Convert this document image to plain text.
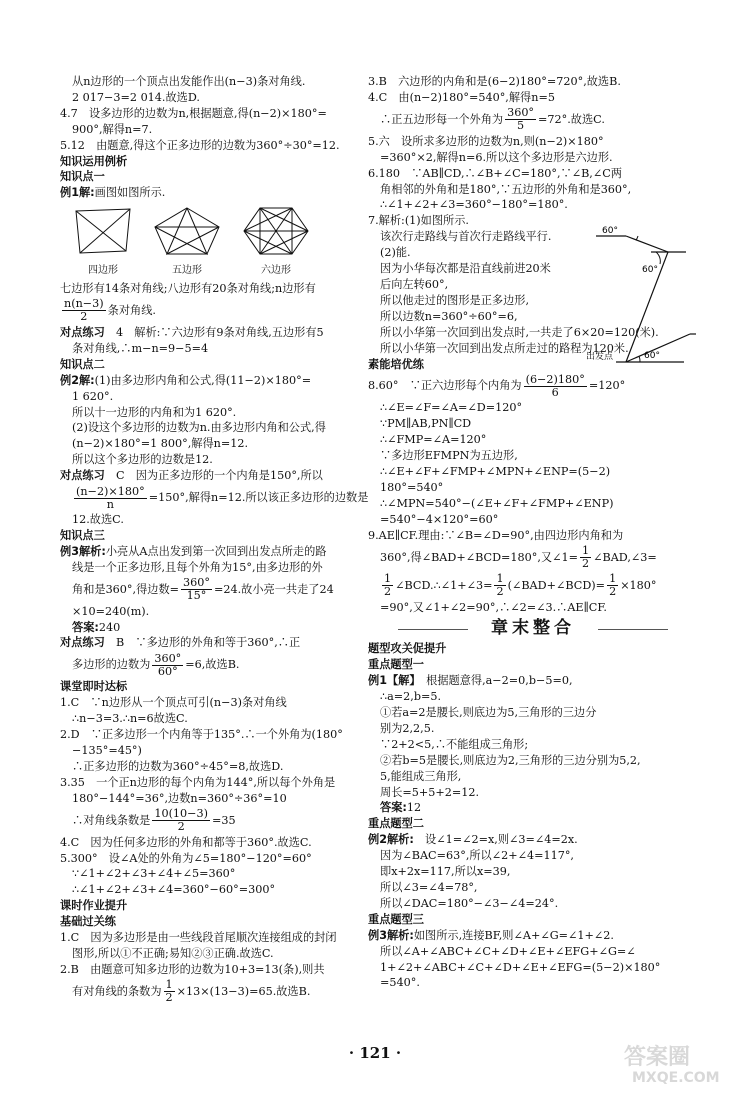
从n边形的一个顶点出发能作出(n−3)条对角线.
2 017−3=2 014.故选D.
4.7　设多边形的边数为n,根据题意,得(n−2)×180°=
900°,解得n=7.
5.12　由题意,得这个正多边形的边数为360°÷30°=12.
知识运用例析
知识点一
例1解:画图如图所示.
四边形	五边形	六边形
七边形有14条对角线;八边形有20条对角线;n边形有
$\frac{n(n-3)}{2}$ 条对角线.
对点练习　 4　解析:∵六边形有9条对角线,五边形有5
条对角线,∴m−n=9−5=4
知识点二
例2解:(1)由多边形内角和公式,得(11−2)×180°=
1 620°.
所以十一边形的内角和为1 620°.
(2)设这个多边形的边数为n.由多边形内角和公式,得
(n−2)×180°=1 800°,解得n=12.
所以这个多边形的边数是12.
对点练习　 C　因为正多边形的一个内角是150°,所以
$\frac{(n-2)\times 180^\circ}{n} =150^\circ$,解得n=12.所以该正多边形的边数是
12.故选C.
知识点三
例3解析:小亮从A点出发到第一次回到出发点所走的路
线是一个正多边形,且每个外角为15°,由多边形的外
角和是360°,得边数= $\frac{360^\circ}{15^\circ} =24$.故小亮一共走了24
×10=240(m).
答案:240
对点练习　 B　∵多边形的外角和等于360°,∴正
多边形的边数为 $\frac{360^\circ}{60^\circ} =6$,故选B.
课堂即时达标
1.C　∵n边形从一个顶点可引(n−3)条对角线
∴n−3=3.∴n=6故选C.
2.D　∵正多边形一个内角等于135°.∴一个外角为(180°
−135°=45°)
∴正多边形的边数为360°÷45°=8,故选D.
3.35　一个正n边形的每个内角为144°,所以每个外角是
180°−144°=36°,边数n=360°÷36°=10
∴对角线条数是 $\frac{10(10-3)}{2} =35$
4.C　因为任何多边形的外角和都等于360°.故选C.
5.300°　设∠A处的外角为∠5=180°−120°=60°
∵∠1+∠2+∠3+∠4+∠5=360°
∴∠1+∠2+∠3+∠4=360°−60°=300°
课时作业提升
基础过关练
1.C　因为多边形是由一些线段首尾顺次连接组成的封闭
图形,所以①不正确;易知②③正确.故选C.
2.B　由题意可知多边形的边数为10+3=13(条),则共
有对角线的条数为 $\frac{1}{2} \times 13\times(13-3)=65$.故选B.
3.B　六边形的内角和是(6−2)180°=720°,故选B.
4.C　由(n−2)180°=540°,解得n=5
∴正五边形每一个外角为 $\frac{360^\circ}{5} =72^\circ$.故选C.
5.六　设所求多边形的边数为n,则(n−2)×180°
=360°×2,解得n=6.所以这个多边形是六边形.
6.180　∵AB∥CD,∴∠B+∠C=180°,∵∠B,∠C两
角相邻的外角和是180°,∵五边形的外角和是360°,
∴∠1+∠2+∠3=360°−180°=180°.
7.解析:(1)如图所示.
该次行走路线与首次行走路线平行.
(2)能.
因为小华每次都是沿直线前进20米
后向左转60°,
所以他走过的图形是正多边形,
所以边数n=360°÷60°=6,
所以小华第一次回到出发点时,一共走了6×20=120(米).
所以小华第一次回到出发点所走过的路程为120米.
素能培优练
8.60°　∵正六边形每个内角为 $\frac{(6-2)180^\circ}{6} =120^\circ$
∴∠E=∠F=∠A=∠D=120°
∵PM∥AB,PN∥CD
∴∠FMP=∠A=120°
∵多边形EFMPN为五边形,
∴∠E+∠F+∠FMP+∠MPN+∠ENP=(5−2)
180°=540°
∴∠MPN=540°−(∠E+∠F+∠FMP+∠ENP)
=540°−4×120°=60°
9.AE∥CF.理由:∵∠B=∠D=90°,由四边形内角和为
360°,得∠BAD+∠BCD=180°,又∠1= $\frac{1}{2}$ ∠BAD,∠3=
$\frac{1}{2}$ ∠BCD.∴∠1+∠3= $\frac{1}{2}$ (∠BAD+∠BCD)= $\frac{1}{2} \times 180^\circ$
=90°,又∠1+∠2=90°,∴∠2=∠3.∴AE∥CF.
章末整合
题型攻关促提升
重点题型一
例1【解】　 根据题意得,a−2=0,b−5=0,
∴a=2,b=5.
①若a=2是腰长,则底边为5,三角形的三边分
别为2,2,5.
∵2+2<5,∴不能组成三角形;
②若b=5是腰长,则底边为2,三角形的三边分别为5,2,
5,能组成三角形,
周长=5+5+2=12.
答案:12
重点题型二
例2解析:　 设∠1=∠2=x,则∠3=∠4=2x.
因为∠BAC=63°,所以∠2+∠4=117°,
即x+2x=117,所以x=39,
所以∠3=∠4=78°,
所以∠DAC=180°−∠3−∠4=24°.
重点题型三
例3解析:如图所示,连接BF,则∠A+∠G=∠1+∠2.
所以∠A+∠ABC+∠C+∠D+∠E+∠EFG+∠G=∠
1+∠2+∠ABC+∠C+∠D+∠E+∠EFG=(5−2)×180°
=540°.
60°
60°
60°
出发点
· 121 ·	答案圈
MXQE.COM
